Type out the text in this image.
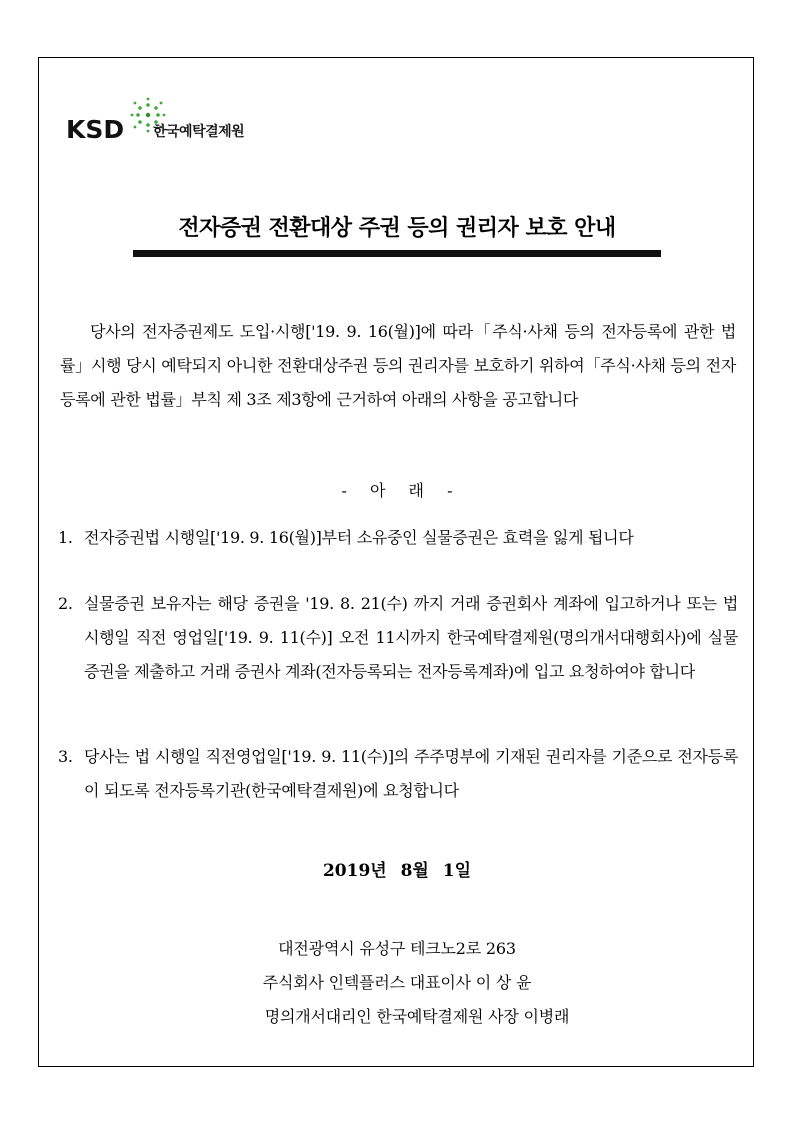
KSD 한국예탁결제원
전자증권 전환대상 주권 등의 권리자 보호 안내
당사의 전자증권제도 도입·시행['19. 9. 16(월)]에 따라「주식·사채 등의 전자등록에 관한 법률」시행 당시 예탁되지 아니한 전환대상주권 등의 권리자를 보호하기 위하여「주식·사채 등의 전자등록에 관한 법률」부칙 제 3조 제3항에 근거하여 아래의 사항을 공고합니다
- 아 래 -
1. 전자증권법 시행일['19. 9. 16(월)]부터 소유중인 실물증권은 효력을 잃게 됩니다
2. 실물증권 보유자는 해당 증권을 '19. 8. 21(수) 까지 거래 증권회사 계좌에 입고하거나 또는 법 시행일 직전 영업일['19. 9. 11(수)] 오전 11시까지 한국예탁결제원(명의개서대행회사)에 실물증권을 제출하고 거래 증권사 계좌(전자등록되는 전자등록계좌)에 입고 요청하여야 합니다
3. 당사는 법 시행일 직전영업일['19. 9. 11(수)]의 주주명부에 기재된 권리자를 기준으로 전자등록이 되도록 전자등록기관(한국예탁결제원)에 요청합니다
2019년 8월 1일
대전광역시 유성구 테크노2로 263
주식회사 인텍플러스 대표이사 이 상 윤
명의개서대리인 한국예탁결제원 사장 이병래
